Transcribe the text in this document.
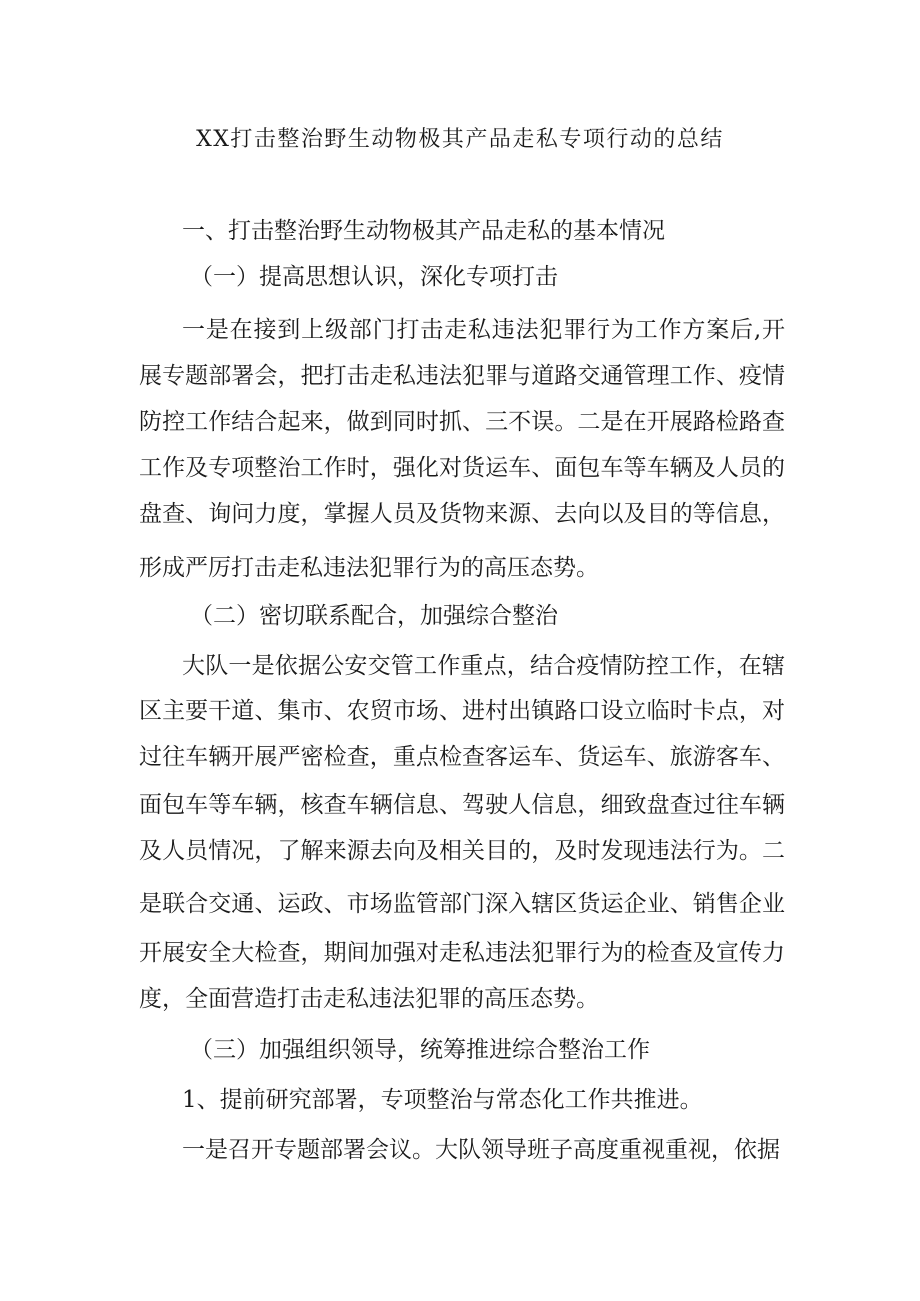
XX打击整治野生动物极其产品走私专项行动的总结
一、打击整治野生动物极其产品走私的基本情况
（一）提高思想认识，深化专项打击
一是在接到上级部门打击走私违法犯罪行为工作方案后,开
展专题部署会，把打击走私违法犯罪与道路交通管理工作、疫情
防控工作结合起来，做到同时抓、三不误。二是在开展路检路查
工作及专项整治工作时，强化对货运车、面包车等车辆及人员的
盘查、询问力度，掌握人员及货物来源、去向以及目的等信息，
形成严厉打击走私违法犯罪行为的高压态势。
（二）密切联系配合，加强综合整治
大队一是依据公安交管工作重点，结合疫情防控工作，在辖
区主要干道、集市、农贸市场、进村出镇路口设立临时卡点，对
过往车辆开展严密检查，重点检查客运车、货运车、旅游客车、
面包车等车辆，核查车辆信息、驾驶人信息，细致盘查过往车辆
及人员情况，了解来源去向及相关目的，及时发现违法行为。二
是联合交通、运政、市场监管部门深入辖区货运企业、销售企业
开展安全大检查，期间加强对走私违法犯罪行为的检查及宣传力
度，全面营造打击走私违法犯罪的高压态势。
（三）加强组织领导，统筹推进综合整治工作
1、提前研究部署，专项整治与常态化工作共推进。
一是召开专题部署会议。大队领导班子高度重视重视，依据
